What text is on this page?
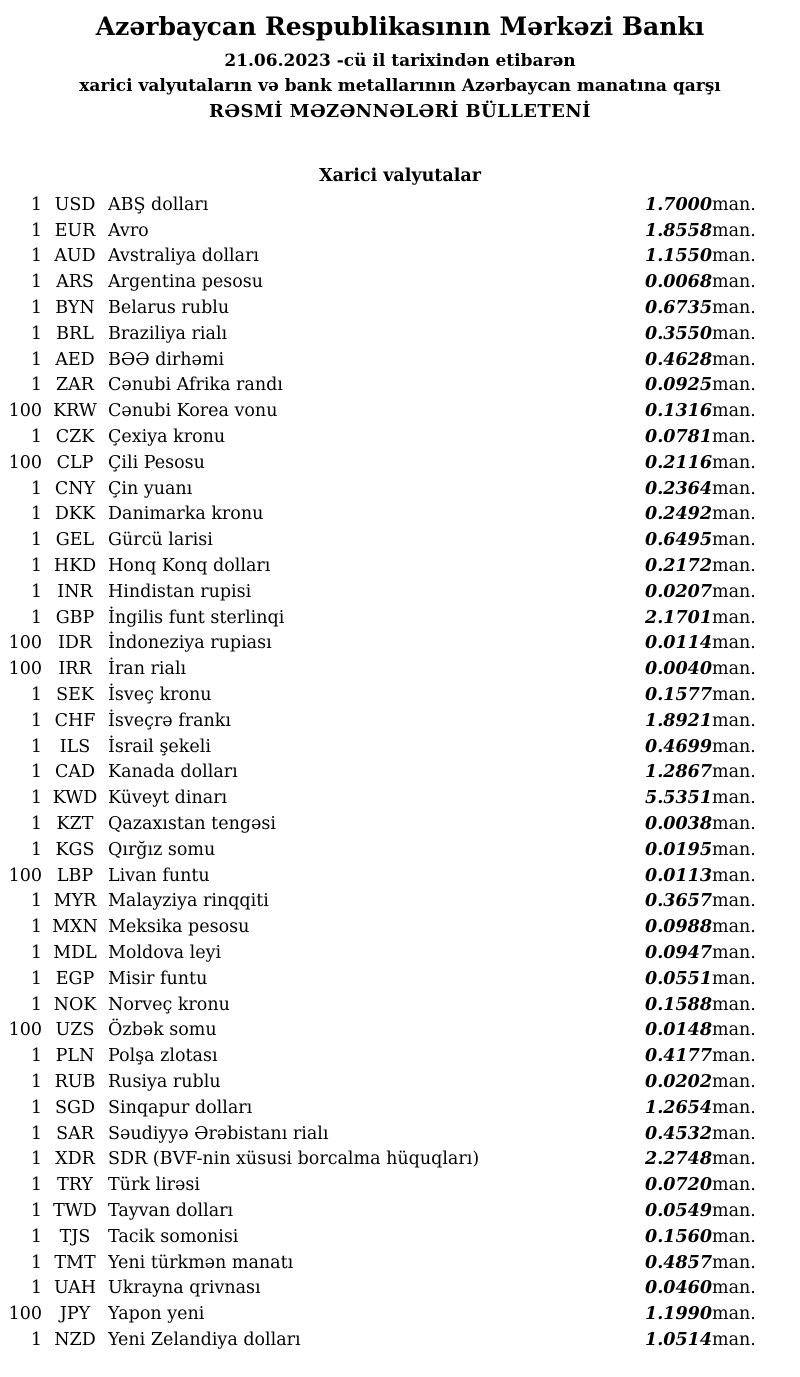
Azərbaycan Respublikasının Mərkəzi Bankı
21.06.2023 -cü il tarixindən etibarən
xarici valyutaların və bank metallarının Azərbaycan manatına qarşı
RƏSMİ MƏZƏNNƏLƏRİ BÜLLETENİ
Xarici valyutalar
1	USD	ABŞ dolları	1.7000	man.
1	EUR	Avro	1.8558	man.
1	AUD	Avstraliya dolları	1.1550	man.
1	ARS	Argentina pesosu	0.0068	man.
1	BYN	Belarus rublu	0.6735	man.
1	BRL	Braziliya rialı	0.3550	man.
1	AED	BƏƏ dirhəmi	0.4628	man.
1	ZAR	Cənubi Afrika randı	0.0925	man.
100	KRW	Cənubi Korea vonu	0.1316	man.
1	CZK	Çexiya kronu	0.0781	man.
100	CLP	Çili Pesosu	0.2116	man.
1	CNY	Çin yuanı	0.2364	man.
1	DKK	Danimarka kronu	0.2492	man.
1	GEL	Gürcü larisi	0.6495	man.
1	HKD	Honq Konq dolları	0.2172	man.
1	INR	Hindistan rupisi	0.0207	man.
1	GBP	İngilis funt sterlinqi	2.1701	man.
100	IDR	İndoneziya rupiası	0.0114	man.
100	IRR	İran rialı	0.0040	man.
1	SEK	İsveç kronu	0.1577	man.
1	CHF	İsveçrə frankı	1.8921	man.
1	ILS	İsrail şekeli	0.4699	man.
1	CAD	Kanada dolları	1.2867	man.
1	KWD	Küveyt dinarı	5.5351	man.
1	KZT	Qazaxıstan tengəsi	0.0038	man.
1	KGS	Qırğız somu	0.0195	man.
100	LBP	Livan funtu	0.0113	man.
1	MYR	Malayziya rinqqiti	0.3657	man.
1	MXN	Meksika pesosu	0.0988	man.
1	MDL	Moldova leyi	0.0947	man.
1	EGP	Misir funtu	0.0551	man.
1	NOK	Norveç kronu	0.1588	man.
100	UZS	Özbək somu	0.0148	man.
1	PLN	Polşa zlotası	0.4177	man.
1	RUB	Rusiya rublu	0.0202	man.
1	SGD	Sinqapur dolları	1.2654	man.
1	SAR	Səudiyyə Ərəbistanı rialı	0.4532	man.
1	XDR	SDR (BVF-nin xüsusi borcalma hüquqları)	2.2748	man.
1	TRY	Türk lirəsi	0.0720	man.
1	TWD	Tayvan dolları	0.0549	man.
1	TJS	Tacik somonisi	0.1560	man.
1	TMT	Yeni türkmən manatı	0.4857	man.
1	UAH	Ukrayna qrivnası	0.0460	man.
100	JPY	Yapon yeni	1.1990	man.
1	NZD	Yeni Zelandiya dolları	1.0514	man.
